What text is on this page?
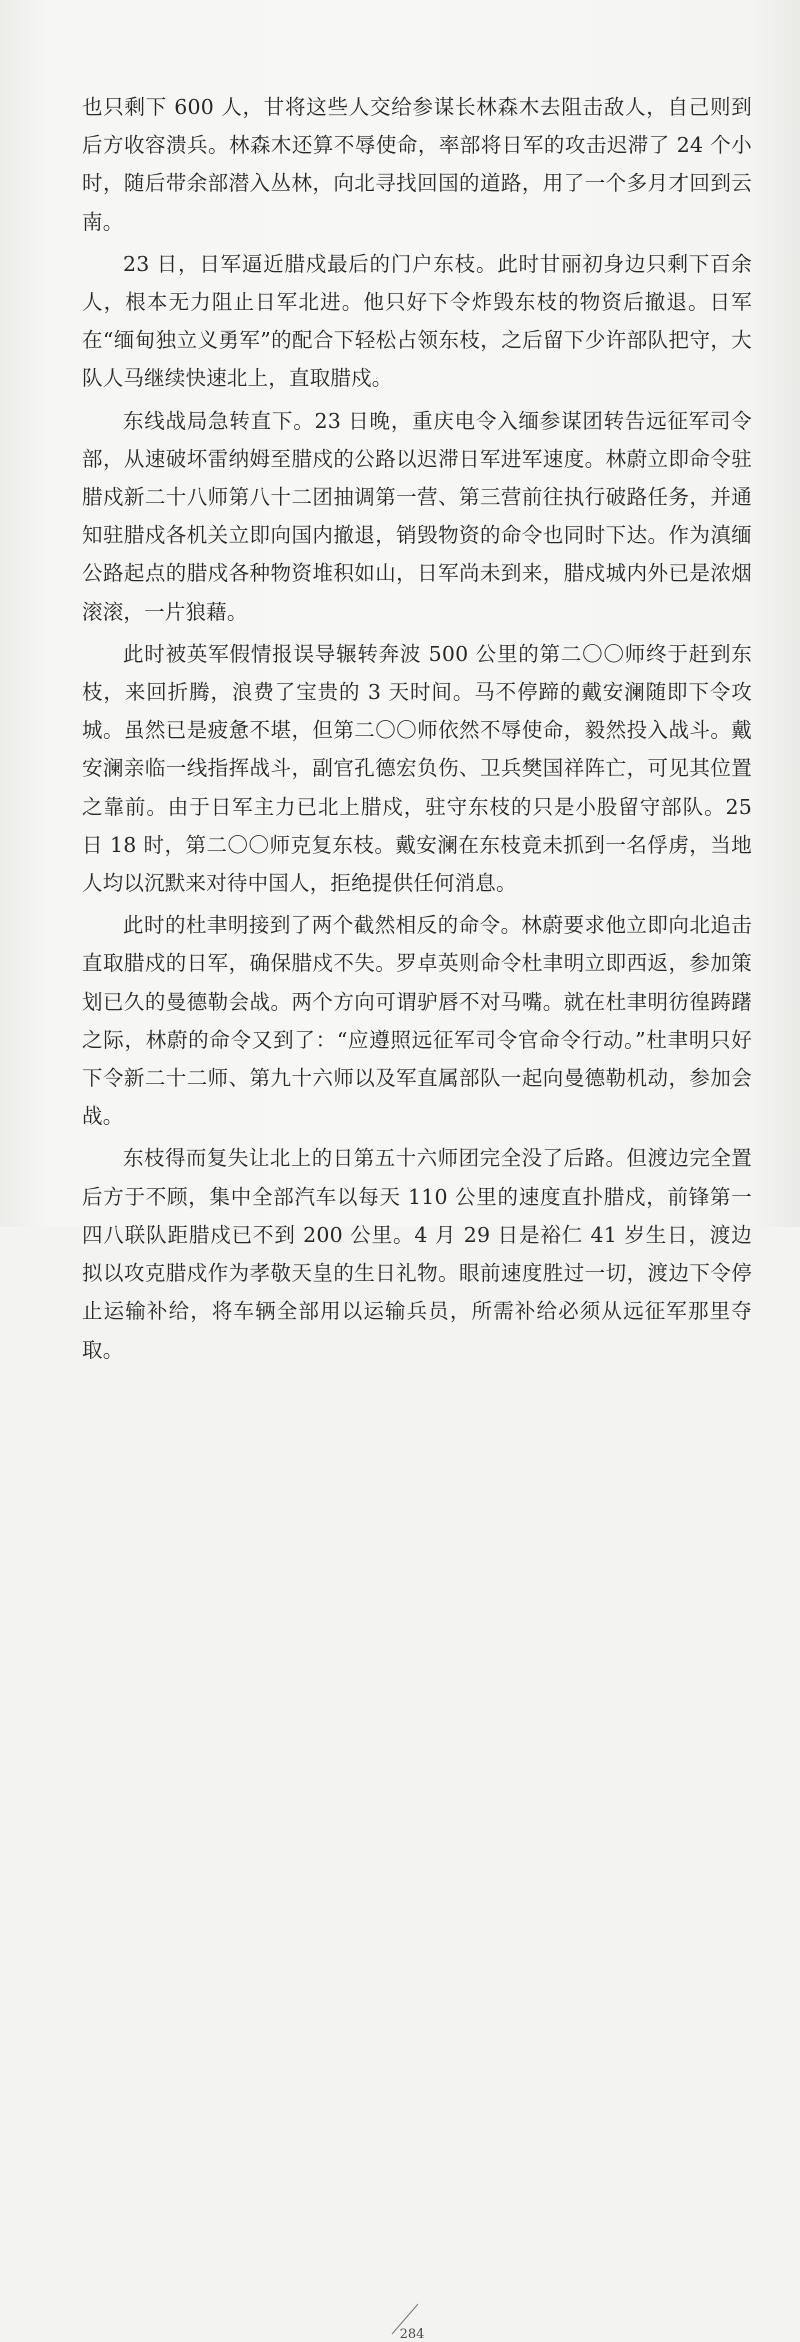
也只剩下 600 人，甘将这些人交给参谋长林森木去阻击敌人，自己则到后方收容溃兵。林森木还算不辱使命，率部将日军的攻击迟滞了 24 个小时，随后带余部潜入丛林，向北寻找回国的道路，用了一个多月才回到云南。

23 日，日军逼近腊戍最后的门户东枝。此时甘丽初身边只剩下百余人，根本无力阻止日军北进。他只好下令炸毁东枝的物资后撤退。日军在“缅甸独立义勇军”的配合下轻松占领东枝，之后留下少许部队把守，大队人马继续快速北上，直取腊戍。

东线战局急转直下。23 日晚，重庆电令入缅参谋团转告远征军司令部，从速破坏雷纳姆至腊戍的公路以迟滞日军进军速度。林蔚立即命令驻腊戍新二十八师第八十二团抽调第一营、第三营前往执行破路任务，并通知驻腊戍各机关立即向国内撤退，销毁物资的命令也同时下达。作为滇缅公路起点的腊戍各种物资堆积如山，日军尚未到来，腊戍城内外已是浓烟滚滚，一片狼藉。

此时被英军假情报误导辗转奔波 500 公里的第二〇〇师终于赶到东枝，来回折腾，浪费了宝贵的 3 天时间。马不停蹄的戴安澜随即下令攻城。虽然已是疲惫不堪，但第二〇〇师依然不辱使命，毅然投入战斗。戴安澜亲临一线指挥战斗，副官孔德宏负伤、卫兵樊国祥阵亡，可见其位置之靠前。由于日军主力已北上腊戍，驻守东枝的只是小股留守部队。25 日 18 时，第二〇〇师克复东枝。戴安澜在东枝竟未抓到一名俘虏，当地人均以沉默来对待中国人，拒绝提供任何消息。

此时的杜聿明接到了两个截然相反的命令。林蔚要求他立即向北追击直取腊戍的日军，确保腊戍不失。罗卓英则命令杜聿明立即西返，参加策划已久的曼德勒会战。两个方向可谓驴唇不对马嘴。就在杜聿明彷徨踌躇之际，林蔚的命令又到了：“应遵照远征军司令官命令行动。”杜聿明只好下令新二十二师、第九十六师以及军直属部队一起向曼德勒机动，参加会战。

东枝得而复失让北上的日第五十六师团完全没了后路。但渡边完全置后方于不顾，集中全部汽车以每天 110 公里的速度直扑腊戍，前锋第一四八联队距腊戍已不到 200 公里。4 月 29 日是裕仁 41 岁生日，渡边拟以攻克腊戍作为孝敬天皇的生日礼物。眼前速度胜过一切，渡边下令停止运输补给，将车辆全部用以运输兵员，所需补给必须从远征军那里夺取。

284
